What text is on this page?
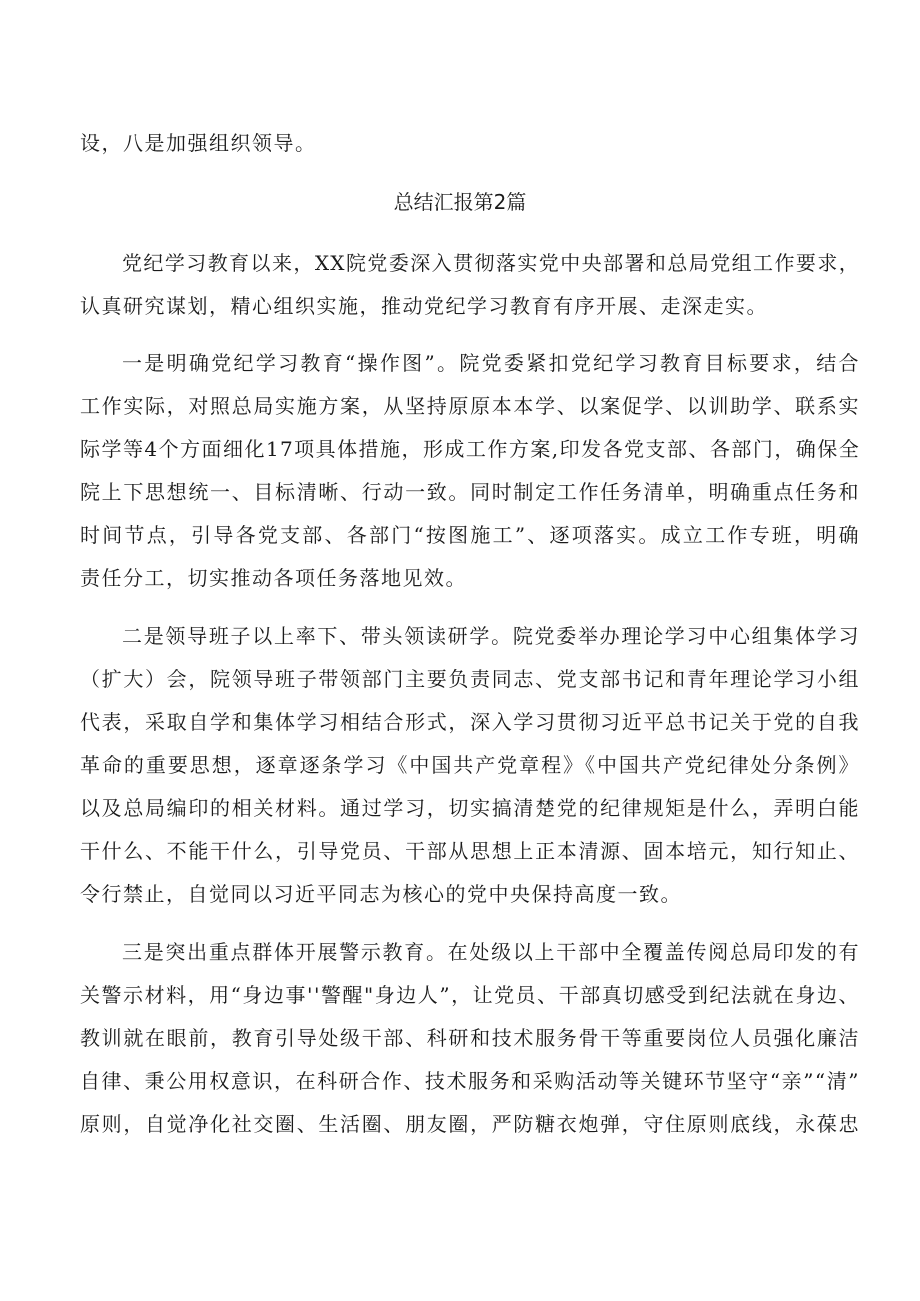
设，八是加强组织领导。
总结汇报第2篇
党纪学习教育以来，XX院党委深入贯彻落实党中央部署和总局党组工作要求，
认真研究谋划，精心组织实施，推动党纪学习教育有序开展、走深走实。
一是明确党纪学习教育“操作图”。院党委紧扣党纪学习教育目标要求，结合
工作实际，对照总局实施方案，从坚持原原本本学、以案促学、以训助学、联系实
际学等4个方面细化17项具体措施，形成工作方案,印发各党支部、各部门，确保全
院上下思想统一、目标清晰、行动一致。同时制定工作任务清单，明确重点任务和
时间节点，引导各党支部、各部门“按图施工”、逐项落实。成立工作专班，明确
责任分工，切实推动各项任务落地见效。
二是领导班子以上率下、带头领读研学。院党委举办理论学习中心组集体学习
（扩大）会，院领导班子带领部门主要负责同志、党支部书记和青年理论学习小组
代表，采取自学和集体学习相结合形式，深入学习贯彻习近平总书记关于党的自我
革命的重要思想，逐章逐条学习《中国共产党章程》《中国共产党纪律处分条例》
以及总局编印的相关材料。通过学习，切实搞清楚党的纪律规矩是什么，弄明白能
干什么、不能干什么，引导党员、干部从思想上正本清源、固本培元，知行知止、
令行禁止，自觉同以习近平同志为核心的党中央保持高度一致。
三是突出重点群体开展警示教育。在处级以上干部中全覆盖传阅总局印发的有
关警示材料，用“身边事''警醒"身边人”，让党员、干部真切感受到纪法就在身边、
教训就在眼前，教育引导处级干部、科研和技术服务骨干等重要岗位人员强化廉洁
自律、秉公用权意识，在科研合作、技术服务和采购活动等关键环节坚守“亲”“清”
原则，自觉净化社交圈、生活圈、朋友圈，严防糖衣炮弹，守住原则底线，永葆忠
